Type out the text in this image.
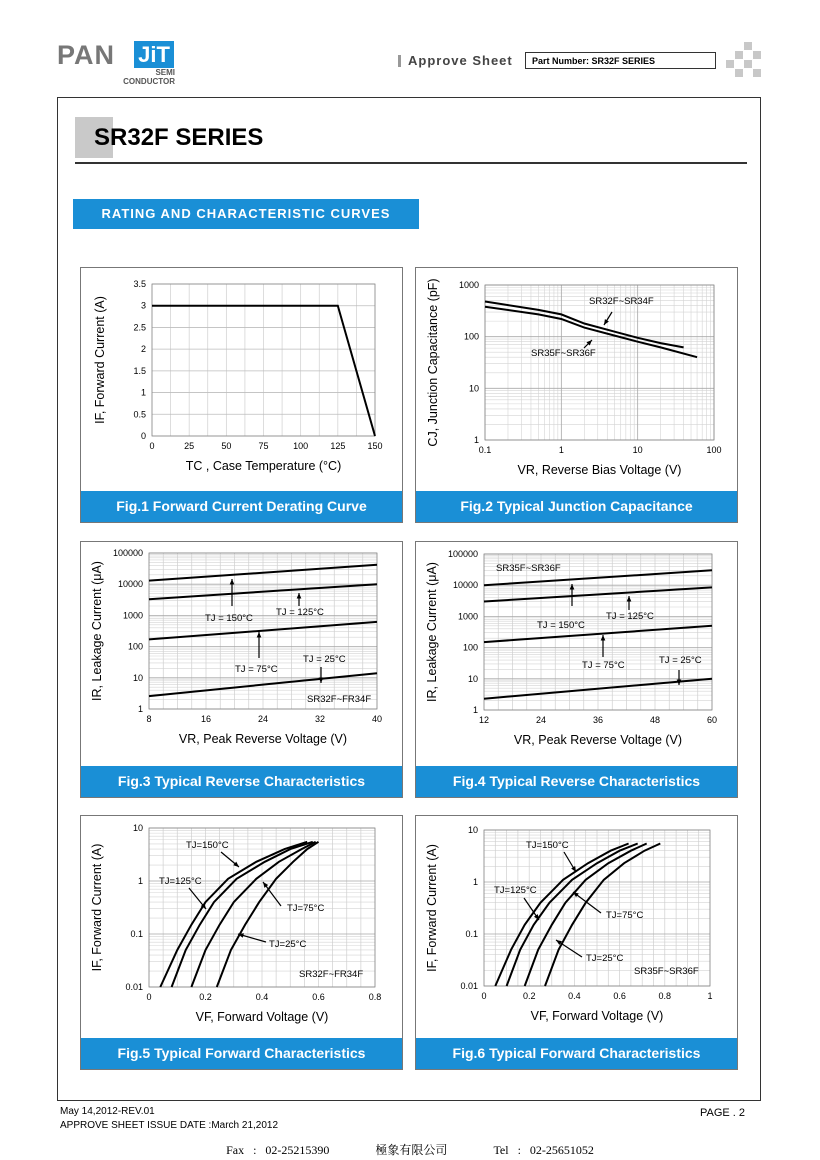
PAN JiT
SEMI
CONDUCTOR
Approve Sheet	Part Number: SR32F SERIES
SR32F SERIES
RATING AND CHARACTERISTIC CURVES
0	25	50	75	100 125 150
0
0.5
1
1.5
2
2.5
3
3.5
TC , Case Temperature (°C)
IF, Forward Current (A)
Fig.1 Forward Current Derating Curve
0.1	1	10	100
1
10
100
1000
VR, Reverse Bias Voltage (V)
CJ, Junction Capacitance (pF)	SR32F~SR34F
SR35F~SR36F
Fig.2 Typical Junction Capacitance
8	16	24	32	40
1
10
100
1000
10000
100000
VR, Peak Reverse Voltage (V)
IR, Leakage Current (μA)	TJ = 150°C
TJ = 125°C
TJ = 75°C
TJ = 25°C
SR32F~FR34F
Fig.3 Typical Reverse Characteristics
12	24	36	48	60
1
10
100
1000
10000
100000
VR, Peak Reverse Voltage (V)
IR, Leakage Current (μA)	SR35F~SR36F
TJ = 150°C
TJ = 125°C
TJ = 75°C	TJ = 25°C
Fig.4 Typical Reverse Characteristics
0	0.2	0.4	0.6	0.8
0.01
0.1
1
10
VF, Forward Voltage (V)
IF, Forward Current (A)	TJ=150°C
TJ=125°C
TJ=75°C
TJ=25°C
SR32F~FR34F
Fig.5 Typical Forward Characteristics
0	0.2	0.4	0.6	0.8	1
0.01
0.1
1
10
VF, Forward Voltage (V)
IF, Forward Current (A)	TJ=150°C
TJ=125°C
TJ=75°C
TJ=25°C
SR35F~SR36F
Fig.6 Typical Forward Characteristics
May 14,2012-REV.01
APPROVE SHEET ISSUE DATE :March 21,2012
PAGE . 2
Fax : 02-25215390	極象有限公司	Tel : 02-25651052
